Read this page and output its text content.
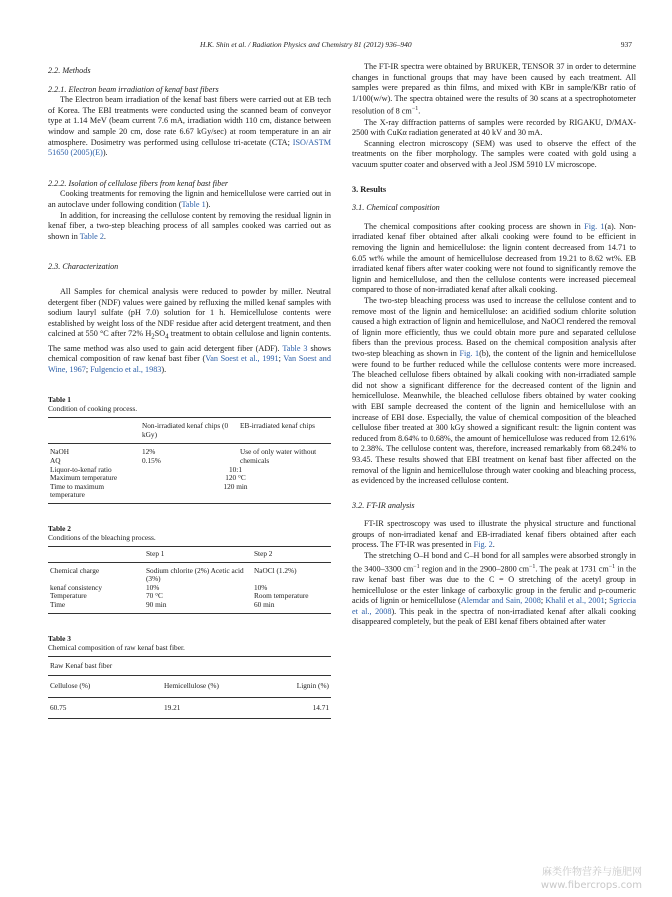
H.K. Shin et al. / Radiation Physics and Chemistry 81 (2012) 936–940	937
2.2. Methods
2.2.1. Electron beam irradiation of kenaf bast fibers

The Electron beam irradiation of the kenaf bast fibers were carried out at EB tech of Korea. The EBI treatments were conducted using the scanned beam of conveyor type at 1.14 MeV (beam current 7.6 mA, irradiation width 110 cm, distance between window and sample 20 cm, dose rate 6.67 kGy/sec) at room temperature in an air atmosphere. Dosimetry was performed using cellulose tri-acetate (CTA; ISO/ASTM 51650 (2005)(E)).

2.2.2. Isolation of cellulose fibers from kenaf bast fiber

Cooking treatments for removing the lignin and hemicellulose were carried out in an autoclave under following condition (Table 1).

In addition, for increasing the cellulose content by removing the residual lignin in kenaf fiber, a two-step bleaching process of all samples cooked was carried out as shown in Table 2.

2.3. Characterization

All Samples for chemical analysis were reduced to powder by miller. Neutral detergent fiber (NDF) values were gained by refluxing the milled kenaf samples with sodium lauryl sulfate (pH 7.0) solution for 1 h. Hemicellulose contents were established by weight loss of the NDF residue after acid detergent treatment, and then calcined at 550 °C after 72% $H_2SO_4$ treatment to obtain cellulose and lignin contents. The same method was also used to gain acid detergent fiber (ADF). Table 3 shows chemical composition of raw kenaf bast fiber (Van Soest et al., 1991; Van Soest and Wine, 1967; Fulgencio et al., 1983).

Table 1
Condition of cooking process.
	Non-irradiated kenaf chips (0 kGy)	EB-irradiated kenaf chips
NaOH	12%	Use of only water without chemicals
AQ	0.15%	
Liquor-to-kenaf ratio	10:1	
Maximum temperature	120 °C	
Time to maximum temperature	120 min	
Table 2
Conditions of the bleaching process.
	Step 1	Step 2
Chemical charge	Sodium chlorite (2%) Acetic acid (3%)	NaOCl (1.2%)
kenaf consistency	10%	10%
Temperature	70 °C	Room temperature
Time	90 min	60 min
Table 3
Chemical composition of raw kenaf bast fiber.
Raw Kenaf bast fiber		
Cellulose (%)	Hemicellulose (%)	Lignin (%)
60.75	19.21	14.71

The FT-IR spectra were obtained by BRUKER, TENSOR 37 in order to determine changes in functional groups that may have been caused by each treatment. All samples were prepared as thin films, and mixed with KBr in sample/KBr ratio of 1/100(w/w). The spectra obtained were the results of 30 scans at a spectrophotometer resolution of 8 $cm^{-1}$.

The X-ray diffraction patterns of samples were recorded by RIGAKU, D/MAX-2500 with CuKα radiation generated at 40 kV and 30 mA.

Scanning electron microscopy (SEM) was used to observe the effect of the treatments on the fiber morphology. The samples were coated with gold using a vacuum sputter coater and observed with a Jeol JSM 5910 LV microscope.

3. Results
3.1. Chemical composition

The chemical compositions after cooking process are shown in Fig. 1(a). Non-irradiated kenaf fiber obtained after alkali cooking were found to be efficient in removing the lignin and hemicellulose: the lignin content decreased from 14.71 to 6.05 wt% while the amount of hemicellulose decreased from 19.21 to 8.62 wt%. EB irradiated kenaf fibers after water cooking were not found to significantly remove the lignin and hemicellulose, and then the cellulose contents were increased piecemeal compared to those of non-irradiated kenaf after alkali cooking.

The two-step bleaching process was used to increase the cellulose content and to remove most of the lignin and hemicellulose: an acidified sodium chlorite solution caused a high extraction of lignin and hemicellulose, and NaOCl rendered the removal of lignin more efficiently, thus we could obtain more pure and separated cellulose fibers than the previous process. Based on the chemical composition analysis after two-step bleaching as shown in Fig. 1(b), the content of the lignin and hemicellulose were found to be further reduced while the cellulose contents were more increased. The bleached cellulose fibers obtained by alkali cooking with non-irradiated sample did not show a significant difference for the decreased content of the lignin and hemicellulose. Meanwhile, the bleached cellulose fibers obtained by water cooking with EBI sample decreased the content of the lignin and hemicellulose with an increase of EBI dose. Especially, the value of chemical composition of the bleached cellulose fiber treated at 300 kGy showed a significant result: the lignin content was reduced from 8.64% to 0.68%, the amount of hemicellulose was reduced from 12.61% to 2.38%. The cellulose content was, therefore, increased remarkably from 68.24% to 93.45. These results showed that EBI treatment on kenaf bast fiber affected on the removal of the lignin and hemicellulose through water cooking and bleaching process, as evidenced by the increased cellulose content.

3.2. FT-IR analysis

FT-IR spectroscopy was used to illustrate the physical structure and functional groups of non-irradiated kenaf and EB-irradiated kenaf fibers obtained after each process. The FT-IR was presented in Fig. 2.

The stretching O–H bond and C–H bond for all samples were absorbed strongly in the 3400–3300 $cm^{-1}$ region and in the 2900–2800 $cm^{-1}$. The peak at 1731 $cm^{-1}$ in the raw kenaf bast fiber was due to the C = O stretching of the acetyl group in hemicellulose or the ester linkage of carboxylic group in the ferulic and p-coumeric acids of lignin or hemicellulose (Alemdar and Sain, 2008; Khalil et al., 2001; Sgriccia et al., 2008). This peak in the spectra of non-irradiated kenaf after alkali cooking disappeared completely, but the peak of EBI kenaf fibers obtained after water

麻类作物营养与施肥网
www.fibercrops.com
